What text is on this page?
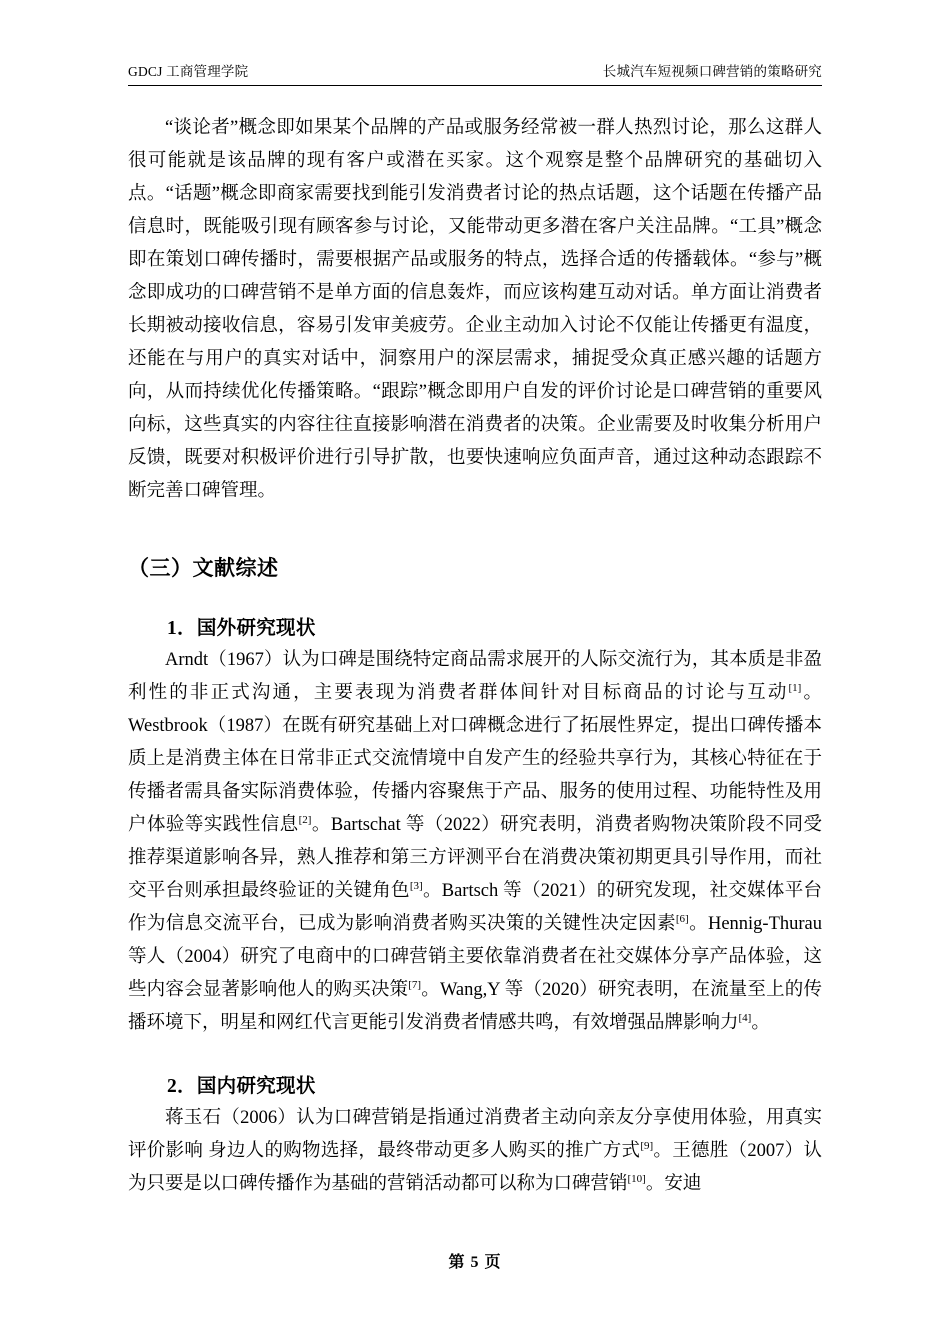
GDCJ 工商管理学院	长城汽车短视频口碑营销的策略研究

“谈论者”概念即如果某个品牌的产品或服务经常被一群人热烈讨论，那么这群人很可能就是该品牌的现有客户或潜在买家。这个观察是整个品牌研究的基础切入点。“话题”概念即商家需要找到能引发消费者讨论的热点话题，这个话题在传播产品信息时，既能吸引现有顾客参与讨论，又能带动更多潜在客户关注品牌。“工具”概念即在策划口碑传播时，需要根据产品或服务的特点，选择合适的传播载体。“参与”概念即成功的口碑营销不是单方面的信息轰炸，而应该构建互动对话。单方面让消费者长期被动接收信息，容易引发审美疲劳。企业主动加入讨论不仅能让传播更有温度，还能在与用户的真实对话中，洞察用户的深层需求，捕捉受众真正感兴趣的话题方向，从而持续优化传播策略。“跟踪”概念即用户自发的评价讨论是口碑营销的重要风向标，这些真实的内容往往直接影响潜在消费者的决策。企业需要及时收集分析用户反馈，既要对积极评价进行引导扩散，也要快速响应负面声音，通过这种动态跟踪不断完善口碑管理。

（三）文献综述
1．国外研究现状

Arndt（1967）认为口碑是围绕特定商品需求展开的人际交流行为，其本质是非盈利性的非正式沟通，主要表现为消费者群体间针对目标商品的讨论与互动[1]。Westbrook（1987）在既有研究基础上对口碑概念进行了拓展性界定，提出口碑传播本质上是消费主体在日常非正式交流情境中自发产生的经验共享行为，其核心特征在于传播者需具备实际消费体验，传播内容聚焦于产品、服务的使用过程、功能特性及用户体验等实践性信息[2]。Bartschat 等（2022）研究表明，消费者购物决策阶段不同受推荐渠道影响各异，熟人推荐和第三方评测平台在消费决策初期更具引导作用，而社交平台则承担最终验证的关键角色[3]。Bartsch 等（2021）的研究发现，社交媒体平台作为信息交流平台，已成为影响消费者购买决策的关键性决定因素[6]。Hennig-Thurau 等人（2004）研究了电商中的口碑营销主要依靠消费者在社交媒体分享产品体验，这些内容会显著影响他人的购买决策[7]。Wang,Y 等（2020）研究表明，在流量至上的传播环境下，明星和网红代言更能引发消费者情感共鸣，有效增强品牌影响力[4]。

2．国内研究现状

蒋玉石（2006）认为口碑营销是指通过消费者主动向亲友分享使用体验，用真实评价影响 身边人的购物选择，最终带动更多人购买的推广方式[9]。王德胜（2007）认为只要是以口碑传播作为基础的营销活动都可以称为口碑营销[10]。安迪

第 5 页
